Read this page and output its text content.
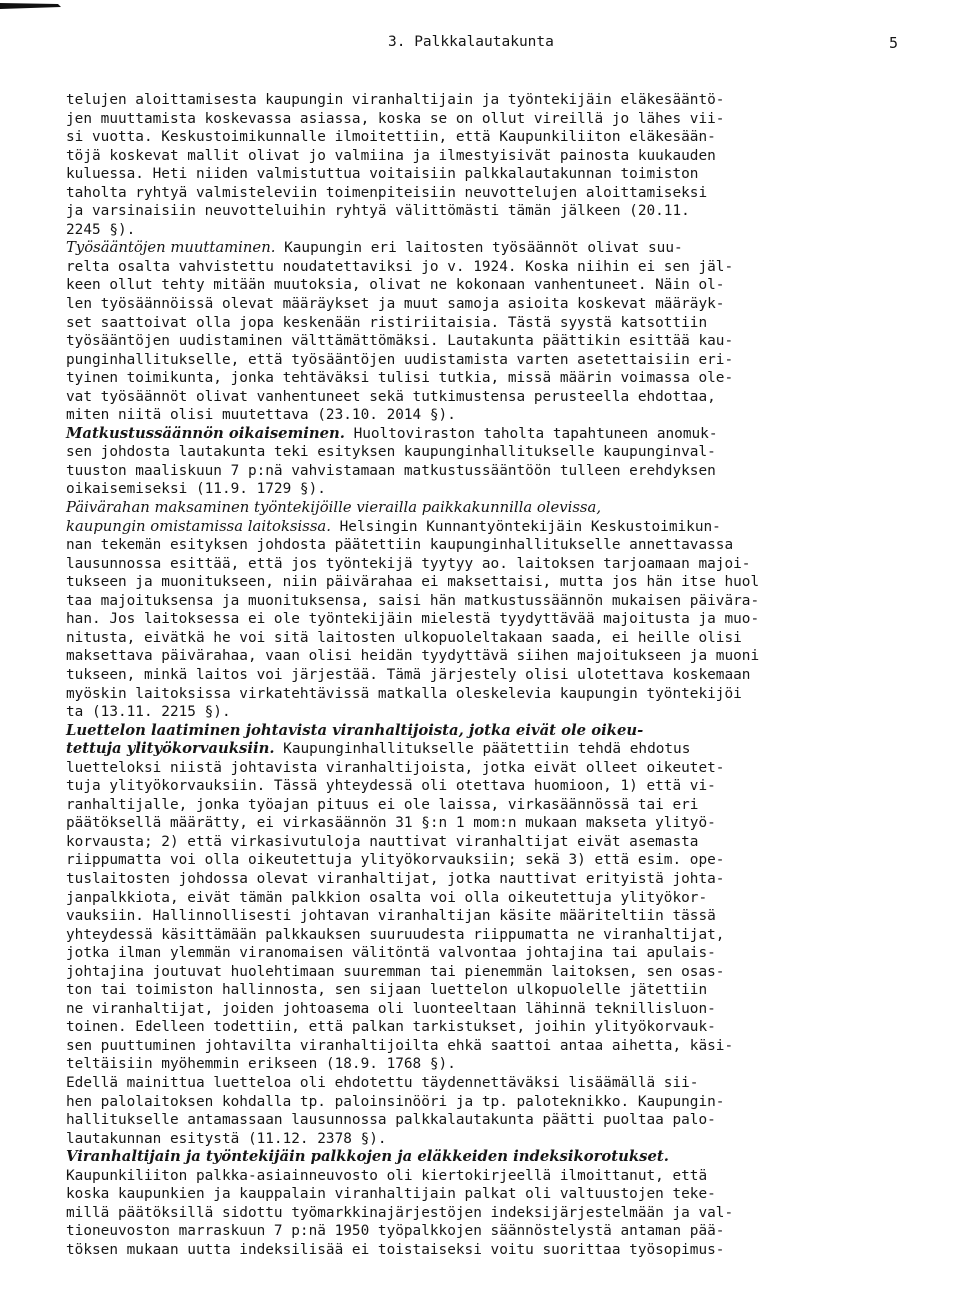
3. Palkkalautakunta	5
telujen aloittamisesta kaupungin viranhaltijain ja työntekijäin eläkesääntö-
jen muuttamista koskevassa asiassa, koska se on ollut vireillä jo lähes vii-
si vuotta. Keskustoimikunnalle ilmoitettiin, että Kaupunkiliiton eläkesään-
töjä koskevat mallit olivat jo valmiina ja ilmestyisivät painosta kuukauden
kuluessa. Heti niiden valmistuttua voitaisiin palkkalautakunnan toimiston
taholta ryhtyä valmisteleviin toimenpiteisiin neuvottelujen aloittamiseksi
ja varsinaisiin neuvotteluihin ryhtyä välittömästi tämän jälkeen (20.11.
2245 §).
Työsääntöjen muuttaminen. Kaupungin eri laitosten työsäännöt olivat suu-
relta osalta vahvistettu noudatettaviksi jo v. 1924. Koska niihin ei sen jäl-
keen ollut tehty mitään muutoksia, olivat ne kokonaan vanhentuneet. Näin ol-
len työsäännöissä olevat määräykset ja muut samoja asioita koskevat määräyk-
set saattoivat olla jopa keskenään ristiriitaisia. Tästä syystä katsottiin
työsääntöjen uudistaminen välttämättömäksi. Lautakunta päättikin esittää kau-
punginhallitukselle, että työsääntöjen uudistamista varten asetettaisiin eri-
tyinen toimikunta, jonka tehtäväksi tulisi tutkia, missä määrin voimassa ole-
vat työsäännöt olivat vanhentuneet sekä tutkimustensa perusteella ehdottaa,
miten niitä olisi muutettava (23.10. 2014 §).
Matkustussäännön oikaiseminen. Huoltoviraston taholta tapahtuneen anomuk-
sen johdosta lautakunta teki esityksen kaupunginhallitukselle kaupunginval-
tuuston maaliskuun 7 p:nä vahvistamaan matkustussääntöön tulleen erehdyksen
oikaisemiseksi (11.9. 1729 §).
Päivärahan maksaminen työntekijöille vierailla paikkakunnilla olevissa,
kaupungin omistamissa laitoksissa. Helsingin Kunnantyöntekijäin Keskustoimikun-
nan tekemän esityksen johdosta päätettiin kaupunginhallitukselle annettavassa
lausunnossa esittää, että jos työntekijä tyytyy ao. laitoksen tarjoamaan majoi-
tukseen ja muonitukseen, niin päivärahaa ei maksettaisi, mutta jos hän itse huol
taa majoituksensa ja muonituksensa, saisi hän matkustussäännön mukaisen päivära-
han. Jos laitoksessa ei ole työntekijäin mielestä tyydyttävää majoitusta ja muo-
nitusta, eivätkä he voi sitä laitosten ulkopuoleltakaan saada, ei heille olisi
maksettava päivärahaa, vaan olisi heidän tyydyttävä siihen majoitukseen ja muoni
tukseen, minkä laitos voi järjestää. Tämä järjestely olisi ulotettava koskemaan
myöskin laitoksissa virkatehtävissä matkalla oleskelevia kaupungin työntekijöi
ta (13.11. 2215 §).
Luettelon laatiminen johtavista viranhaltijoista, jotka eivät ole oikeu-
tettuja ylityökorvauksiin. Kaupunginhallitukselle päätettiin tehdä ehdotus
luetteloksi niistä johtavista viranhaltijoista, jotka eivät olleet oikeutet-
tuja ylityökorvauksiin. Tässä yhteydessä oli otettava huomioon, 1) että vi-
ranhaltijalle, jonka työajan pituus ei ole laissa, virkasäännössä tai eri
päätöksellä määrätty, ei virkasäännön 31 §:n 1 mom:n mukaan makseta ylityö-
korvausta; 2) että virkasivutuloja nauttivat viranhaltijat eivät asemasta
riippumatta voi olla oikeutettuja ylityökorvauksiin; sekä 3) että esim. ope-
tuslaitosten johdossa olevat viranhaltijat, jotka nauttivat erityistä johta-
janpalkkiota, eivät tämän palkkion osalta voi olla oikeutettuja ylityökor-
vauksiin. Hallinnollisesti johtavan viranhaltijan käsite määriteltiin tässä
yhteydessä käsittämään palkkauksen suuruudesta riippumatta ne viranhaltijat,
jotka ilman ylemmän viranomaisen välitöntä valvontaa johtajina tai apulais-
johtajina joutuvat huolehtimaan suuremman tai pienemmän laitoksen, sen osas-
ton tai toimiston hallinnosta, sen sijaan luettelon ulkopuolelle jätettiin
ne viranhaltijat, joiden johtoasema oli luonteeltaan lähinnä teknillisluon-
toinen. Edelleen todettiin, että palkan tarkistukset, joihin ylityökorvauk-
sen puuttuminen johtavilta viranhaltijoilta ehkä saattoi antaa aihetta, käsi-
teltäisiin myöhemmin erikseen (18.9. 1768 §).
Edellä mainittua luetteloa oli ehdotettu täydennettäväksi lisäämällä sii-
hen palolaitoksen kohdalla tp. paloinsinööri ja tp. paloteknikko. Kaupungin-
hallitukselle antamassaan lausunnossa palkkalautakunta päätti puoltaa palo-
lautakunnan esitystä (11.12. 2378 §).
Viranhaltijain ja työntekijäin palkkojen ja eläkkeiden indeksikorotukset.
Kaupunkiliiton palkka-asiainneuvosto oli kiertokirjeellä ilmoittanut, että
koska kaupunkien ja kauppalain viranhaltijain palkat oli valtuustojen teke-
millä päätöksillä sidottu työmarkkinajärjestöjen indeksijärjestelmään ja val-
tioneuvoston marraskuun 7 p:nä 1950 työpalkkojen säännöstelystä antaman pää-
töksen mukaan uutta indeksilisää ei toistaiseksi voitu suorittaa työsopimus-
